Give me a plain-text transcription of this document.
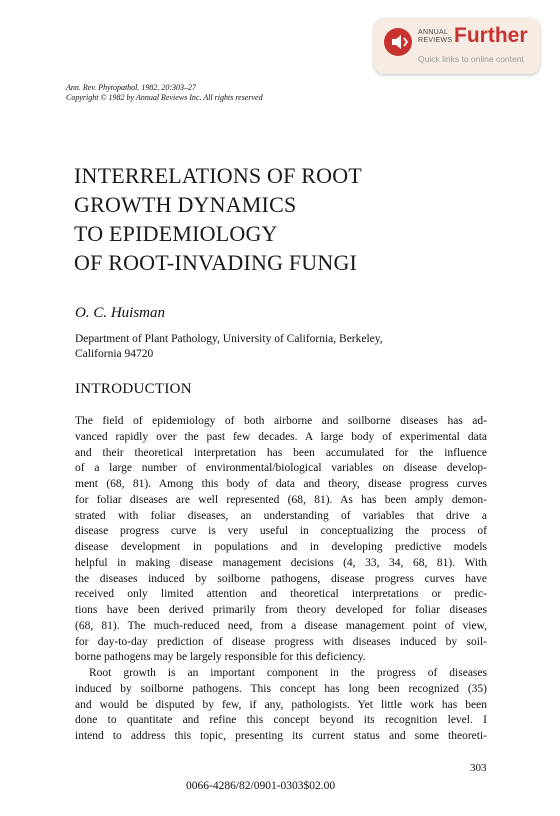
ANNUAL
REVIEWS Further
Quick links to online content
Ann. Rev. Phytopathol. 1982. 20:303–27
Copyright © 1982 by Annual Reviews Inc. All rights reserved
INTERRELATIONS OF ROOT
GROWTH DYNAMICS
TO EPIDEMIOLOGY
OF ROOT-INVADING FUNGI
O. C. Huisman
Department of Plant Pathology, University of California, Berkeley,
California 94720
INTRODUCTION
The field of epidemiology of both airborne and soilborne diseases has ad-
vanced rapidly over the past few decades. A large body of experimental data
and their theoretical interpretation has been accumulated for the influence
of a large number of environmental/biological variables on disease develop-
ment (68, 81). Among this body of data and theory, disease progress curves
for foliar diseases are well represented (68, 81). As has been amply demon-
strated with foliar diseases, an understanding of variables that drive a
disease progress curve is very useful in conceptualizing the process of
disease development in populations and in developing predictive models
helpful in making disease management decisions (4, 33, 34, 68, 81). With
the diseases induced by soilborne pathogens, disease progress curves have
received only limited attention and theoretical interpretations or predic-
tions have been derived primarily from theory developed for foliar diseases
(68, 81). The much-reduced need, from a disease management point of view,
for day-to-day prediction of disease progress with diseases induced by soil-
borne pathogens may be largely responsible for this deficiency.
Root growth is an important component in the progress of diseases
induced by soilborne pathogens. This concept has long been recognized (35)
and would be disputed by few, if any, pathologists. Yet little work has been
done to quantitate and refine this concept beyond its recognition level. I
intend to address this topic, presenting its current status and some theoreti-
303
0066-4286/82/0901-0303$02.00
